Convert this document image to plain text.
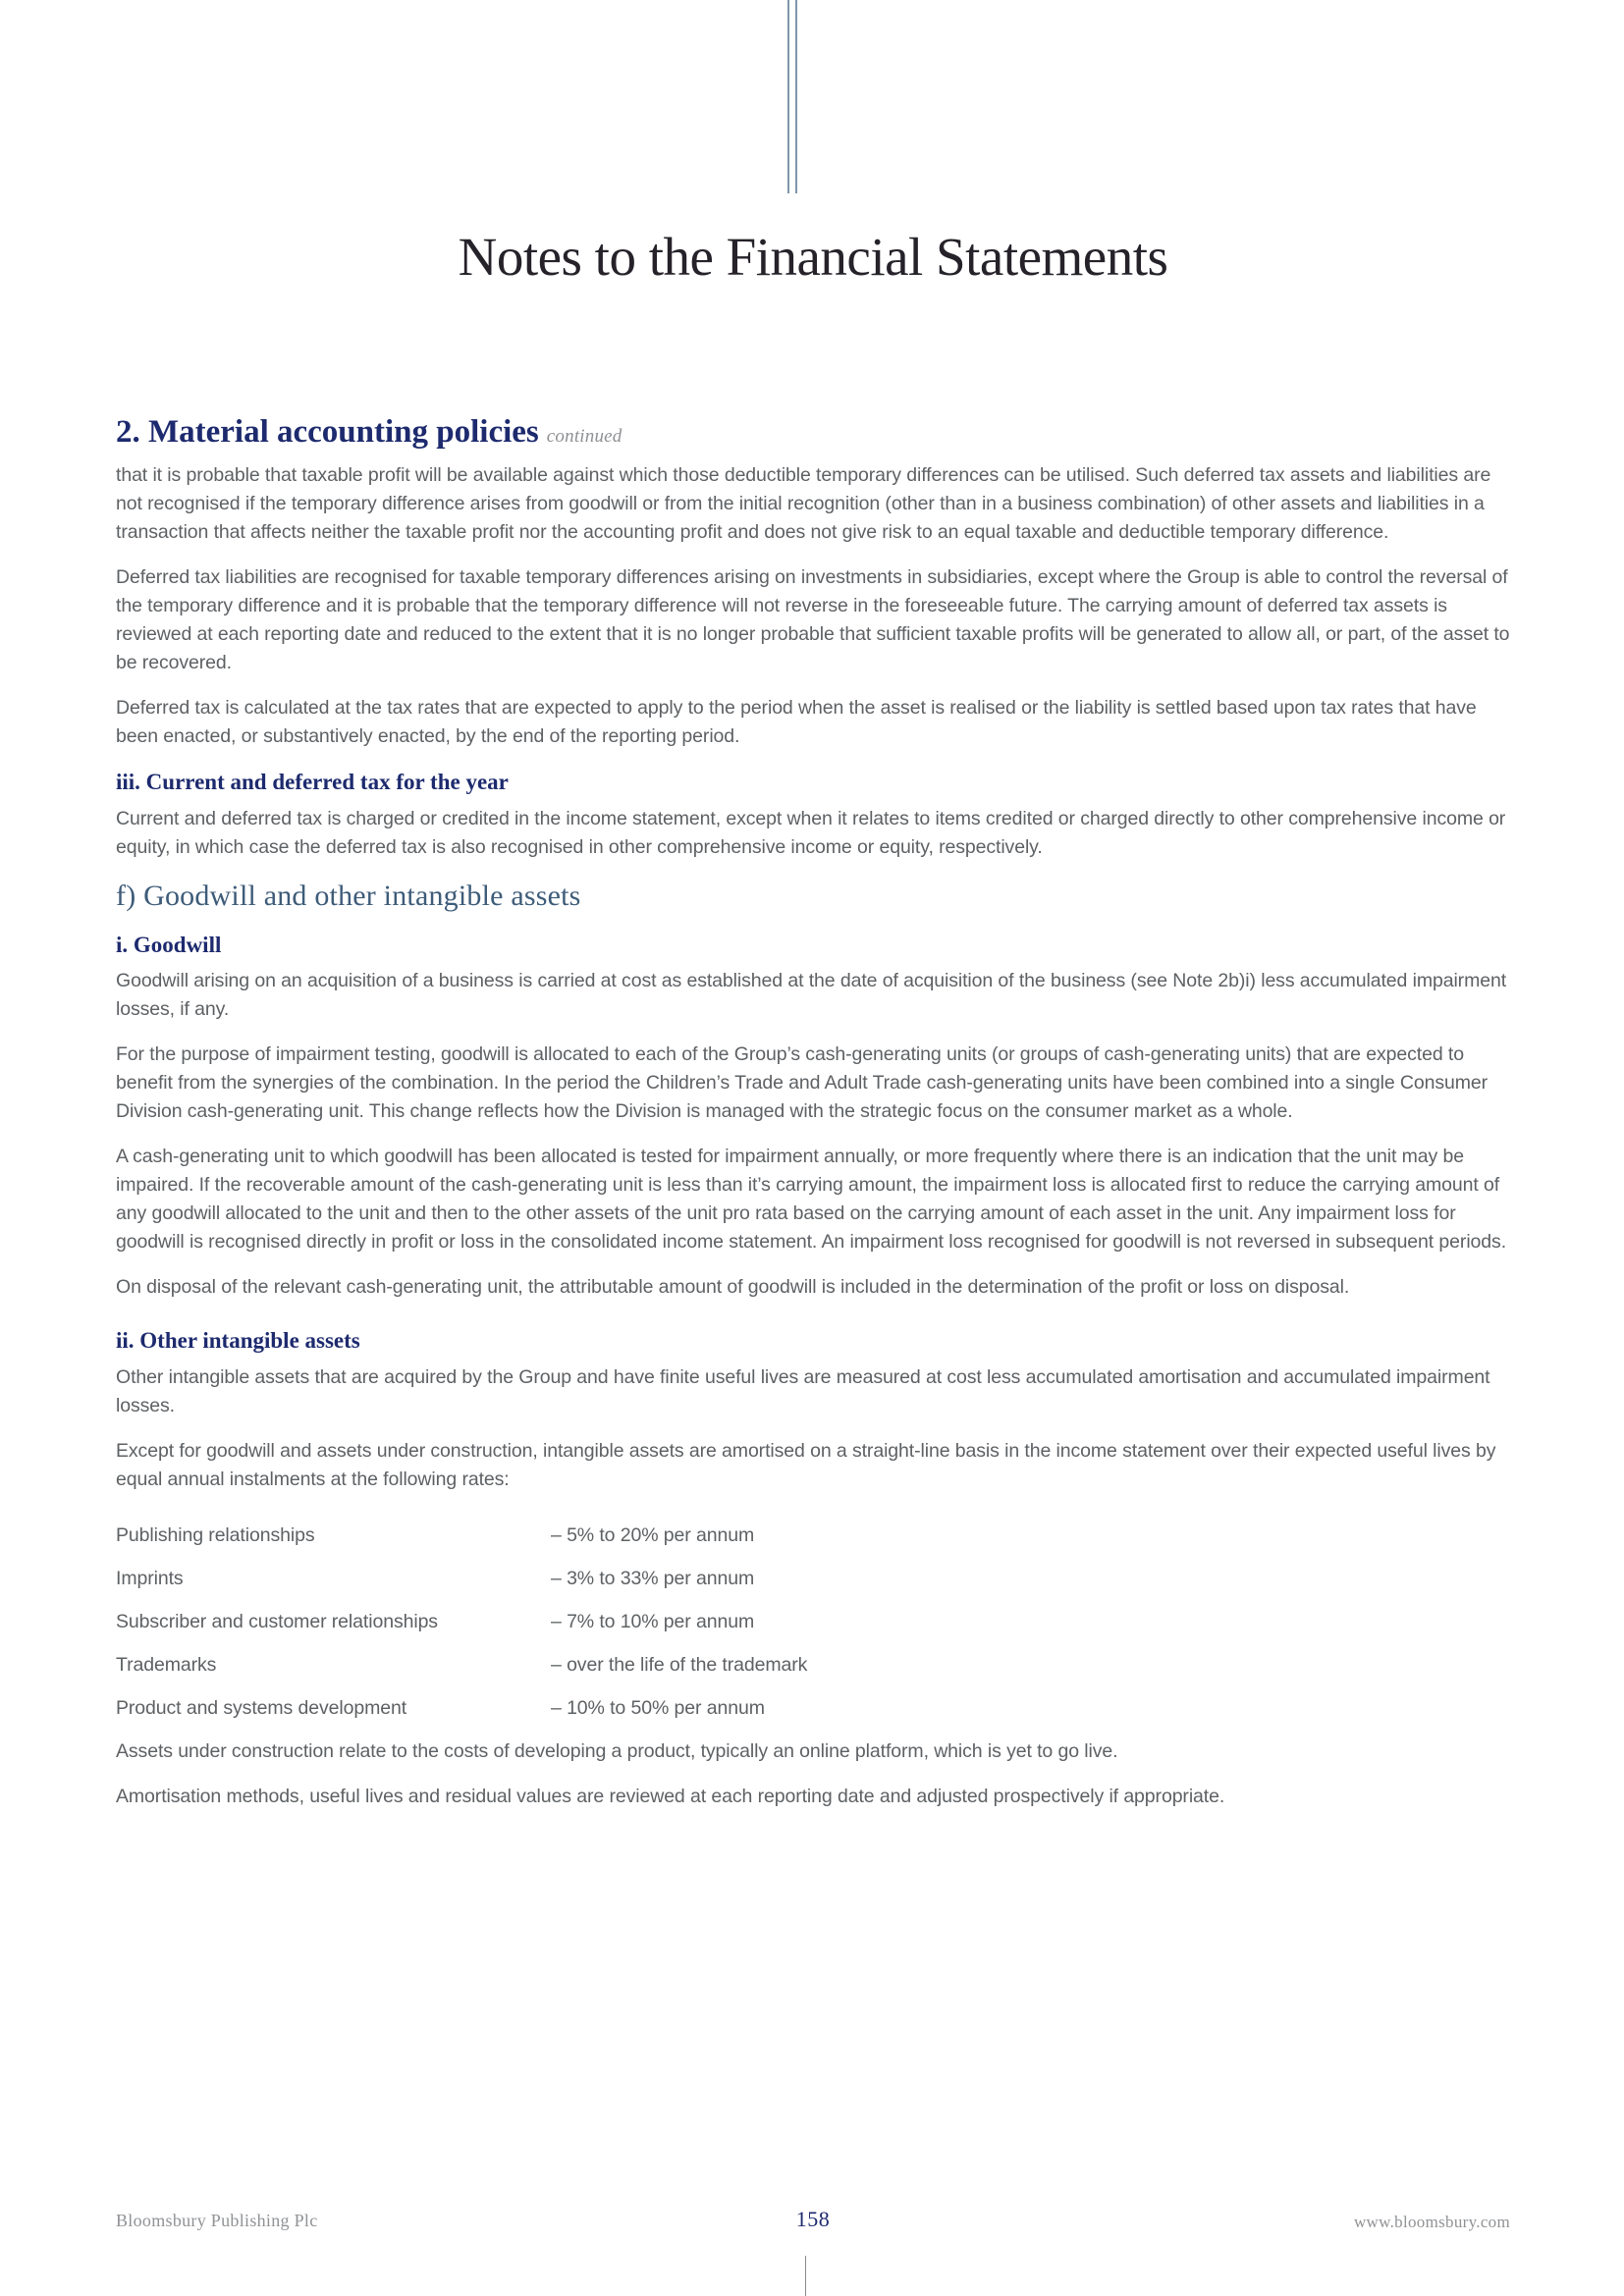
Notes to the Financial Statements
2. Material accounting policies continued

that it is probable that taxable profit will be available against which those deductible temporary differences can be utilised. Such deferred tax assets and liabilities are not recognised if the temporary difference arises from goodwill or from the initial recognition (other than in a business combination) of other assets and liabilities in a transaction that affects neither the taxable profit nor the accounting profit and does not give risk to an equal taxable and deductible temporary difference.

Deferred tax liabilities are recognised for taxable temporary differences arising on investments in subsidiaries, except where the Group is able to control the reversal of the temporary difference and it is probable that the temporary difference will not reverse in the foreseeable future. The carrying amount of deferred tax assets is reviewed at each reporting date and reduced to the extent that it is no longer probable that sufficient taxable profits will be generated to allow all, or part, of the asset to be recovered.

Deferred tax is calculated at the tax rates that are expected to apply to the period when the asset is realised or the liability is settled based upon tax rates that have been enacted, or substantively enacted, by the end of the reporting period.

iii. Current and deferred tax for the year

Current and deferred tax is charged or credited in the income statement, except when it relates to items credited or charged directly to other comprehensive income or equity, in which case the deferred tax is also recognised in other comprehensive income or equity, respectively.

f) Goodwill and other intangible assets
i. Goodwill

Goodwill arising on an acquisition of a business is carried at cost as established at the date of acquisition of the business (see Note 2b)i) less accumulated impairment losses, if any.

For the purpose of impairment testing, goodwill is allocated to each of the Group’s cash-generating units (or groups of cash-generating units) that are expected to benefit from the synergies of the combination. In the period the Children’s Trade and Adult Trade cash-generating units have been combined into a single Consumer Division cash-generating unit. This change reflects how the Division is managed with the strategic focus on the consumer market as a whole.

A cash-generating unit to which goodwill has been allocated is tested for impairment annually, or more frequently where there is an indication that the unit may be impaired. If the recoverable amount of the cash-generating unit is less than it’s carrying amount, the impairment loss is allocated first to reduce the carrying amount of any goodwill allocated to the unit and then to the other assets of the unit pro rata based on the carrying amount of each asset in the unit. Any impairment loss for goodwill is recognised directly in profit or loss in the consolidated income statement. An impairment loss recognised for goodwill is not reversed in subsequent periods.

On disposal of the relevant cash-generating unit, the attributable amount of goodwill is included in the determination of the profit or loss on disposal.

ii. Other intangible assets

Other intangible assets that are acquired by the Group and have finite useful lives are measured at cost less accumulated amortisation and accumulated impairment losses.

Except for goodwill and assets under construction, intangible assets are amortised on a straight-line basis in the income statement over their expected useful lives by equal annual instalments at the following rates:

Publishing relationships	– 5% to 20% per annum
Imprints	– 3% to 33% per annum
Subscriber and customer relationships	– 7% to 10% per annum
Trademarks	– over the life of the trademark
Product and systems development	– 10% to 50% per annum

Assets under construction relate to the costs of developing a product, typically an online platform, which is yet to go live.

Amortisation methods, useful lives and residual values are reviewed at each reporting date and adjusted prospectively if appropriate.

Bloomsbury Publishing Plc	158	www.bloomsbury.com
